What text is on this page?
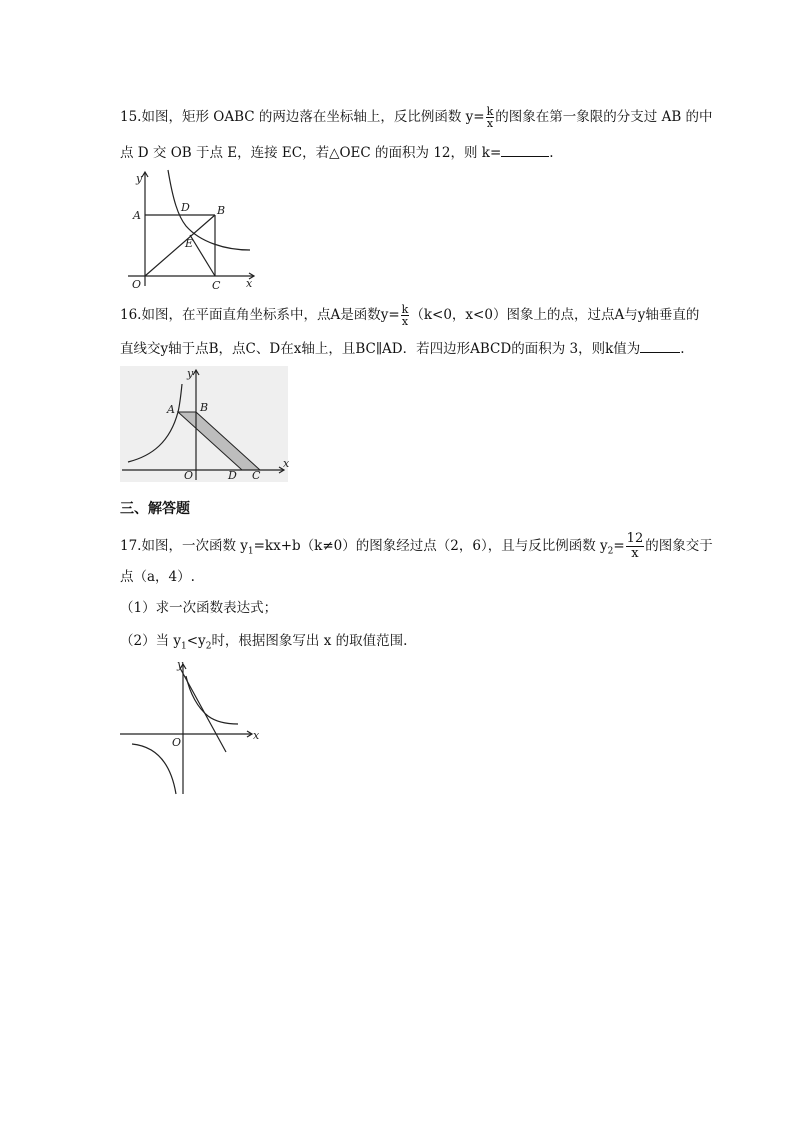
15.如图，矩形 OABC 的两边落在坐标轴上，反比例函数 $y= \frac{k}{x}$ 的图象在第一象限的分支过 AB 的中
点 D 交 OB 于点 E，连接 EC，若△OEC 的面积为 12，则 k=	.
y
x
A	B
D
E
C
O
16.如图，在平面直角坐标系中，点A是函数$y= \frac{k}{x} (k<0$，x<0）图象上的点，过点A与y轴垂直的
直线交y轴于点B，点C、D在x轴上，且BC∥AD．若四边形ABCD的面积为 3，则k值为	.
y
x
A B
D C
O
三、解答题
17.如图，一次函数 $y_1=kx+b(k\ne 0)$的图象经过点（2，6），且与反比例函数 $y_2= \frac{12}{x}$ 的图象交于
点（a，4）.
（1）求一次函数表达式；
（2）当 $y_1<y_2$时，根据图象写出 x 的取值范围.
y
x
O
